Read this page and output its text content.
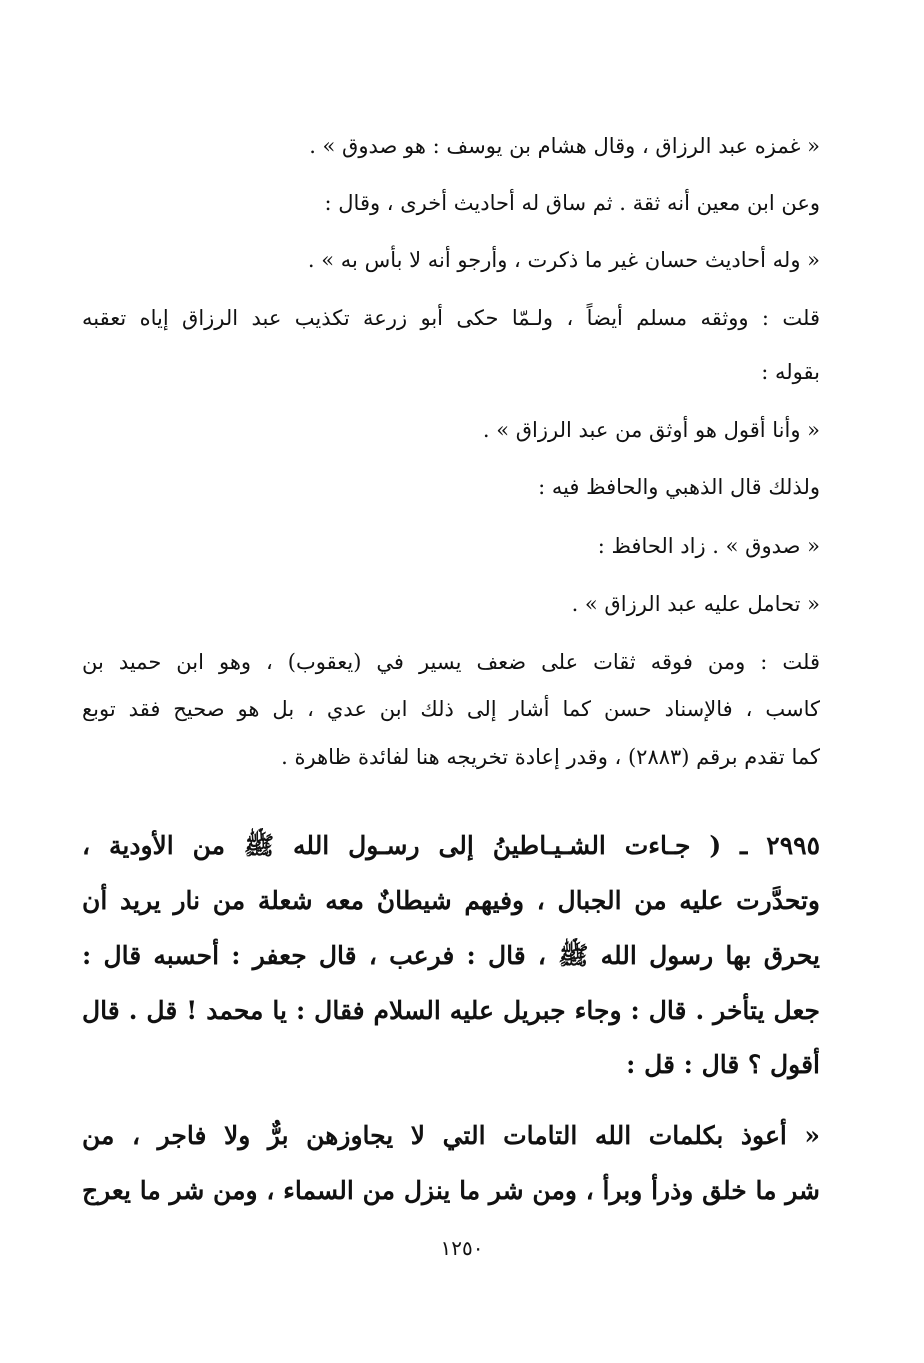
« غمزه عبد الرزاق ، وقال هشام بن يوسف : هو صدوق » .
وعن ابن معين أنه ثقة . ثم ساق له أحاديث أخرى ، وقال :
« وله أحاديث حسان غير ما ذكرت ، وأرجو أنه لا بأس به » .
قلت : ووثقه مسلم أيضاً ، ولـمّا حكى أبو زرعة تكذيب عبد الرزاق إياه تعقبه
بقوله :
« وأنا أقول هو أوثق من عبد الرزاق » .
ولذلك قال الذهبي والحافظ فيه :
« صدوق » . زاد الحافظ :
« تحامل عليه عبد الرزاق » .
قلت : ومن فوقه ثقات على ضعف يسير في (يعقوب) ، وهو ابن حميد بن
كاسب ، فالإسناد حسن كما أشار إلى ذلك ابن عدي ، بل هو صحيح فقد توبع
كما تقدم برقم (٢٨٨٣) ، وقدر إعادة تخريجه هنا لفائدة ظاهرة .
٢٩٩٥ ـ ( جـاءت الشـيـاطينُ إلى رسـول الله ﷺ من الأودية ،
وتحدَّرت عليه من الجبال ، وفيهم شيطانٌ معه شعلة من نار يريد أن
يحرق بها رسول الله ﷺ ، قال : فرعب ، قال جعفر : أحسبه قال :
جعل يتأخر . قال : وجاء جبريل عليه السلام فقال : يا محمد ! قل . قال
أقول ؟ قال : قل :
« أعوذ بكلمات الله التامات التي لا يجاوزهن برٌّ ولا فاجر ، من
شر ما خلق وذرأ وبرأ ، ومن شر ما ينزل من السماء ، ومن شر ما يعرج
١٢٥٠
